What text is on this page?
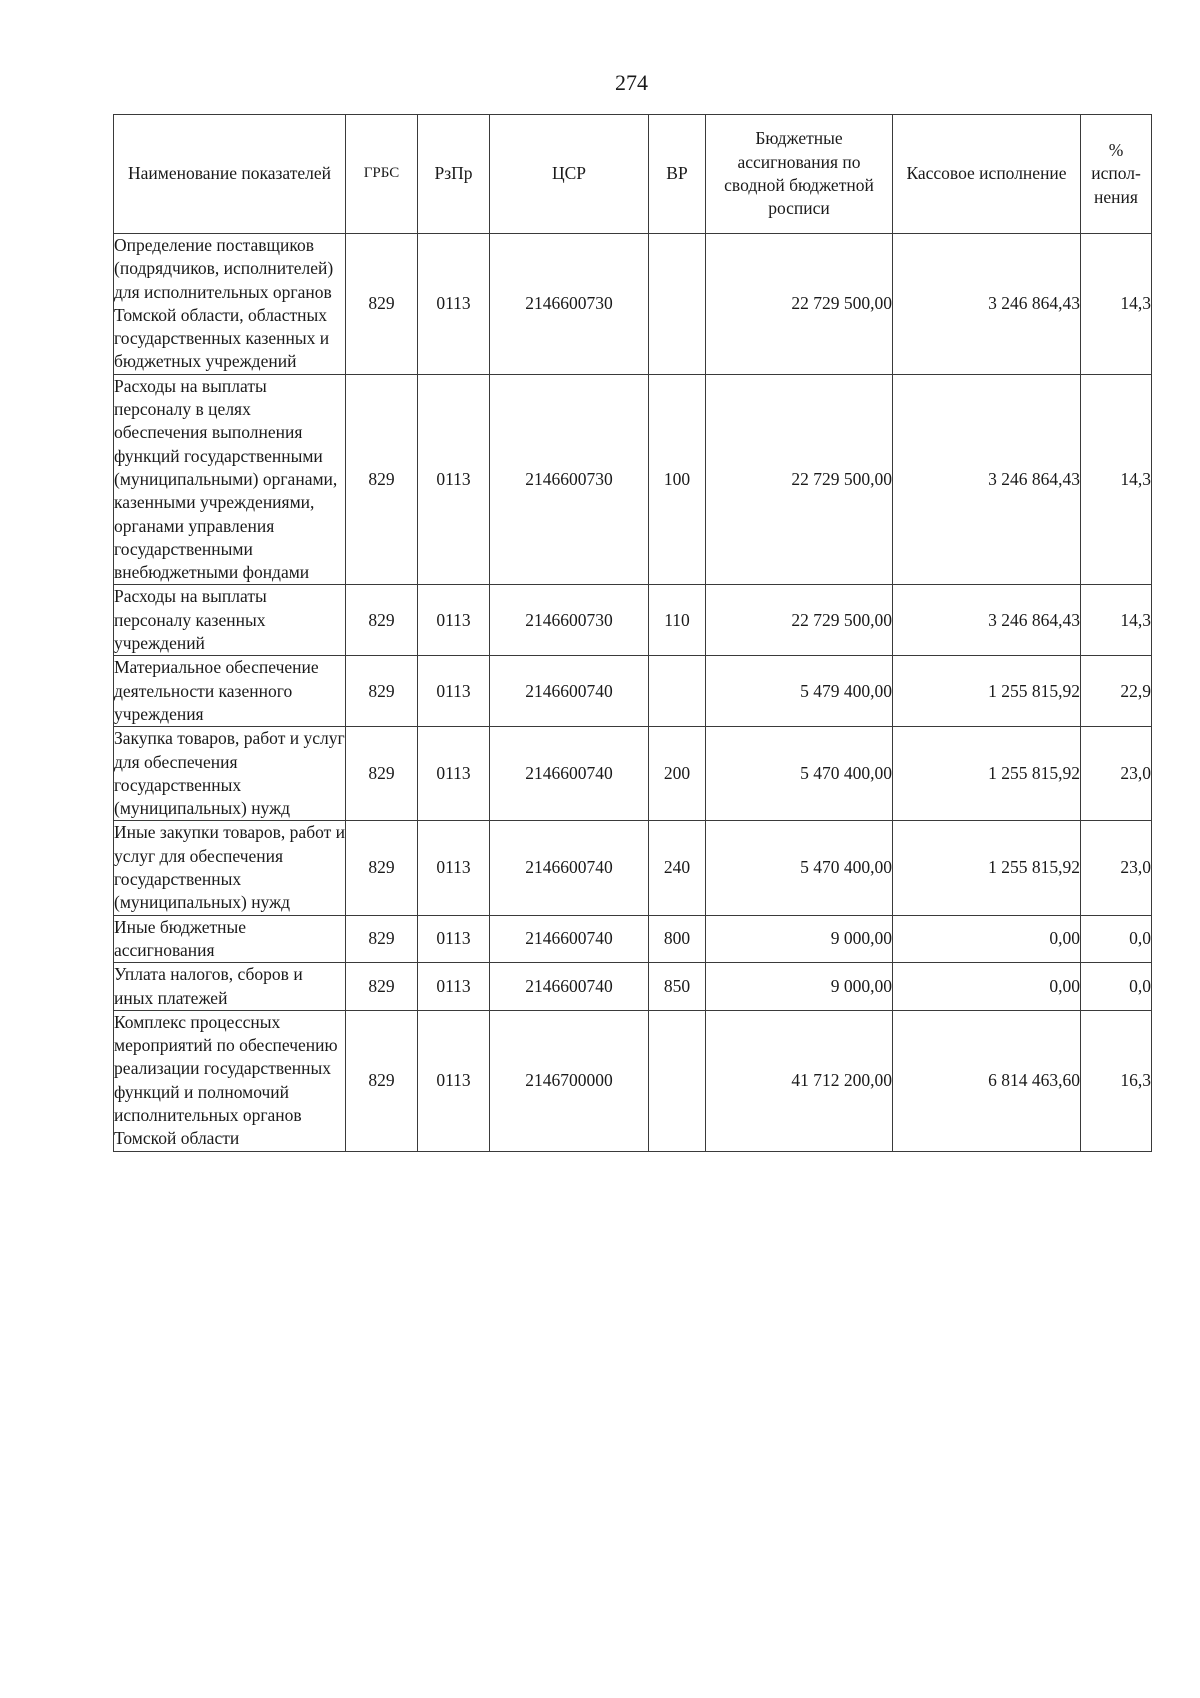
274
Наименование показателей	ГРБС	РзПр	ЦСР	ВР	Бюджетные ассигнования по сводной бюджетной росписи	Кассовое исполнение	% испол-нения
Определение поставщиков (подрядчиков, исполнителей) для исполнительных органов Томской области, областных государственных казенных и бюджетных учреждений	829	0113	2146600730		22 729 500,00	3 246 864,43	14,3
Расходы на выплаты персоналу в целях обеспечения выполнения функций государственными (муниципальными) органами, казенными учреждениями, органами управления государственными внебюджетными фондами	829	0113	2146600730	100	22 729 500,00	3 246 864,43	14,3
Расходы на выплаты персоналу казенных учреждений	829	0113	2146600730	110	22 729 500,00	3 246 864,43	14,3
Материальное обеспечение деятельности казенного учреждения	829	0113	2146600740		5 479 400,00	1 255 815,92	22,9
Закупка товаров, работ и услуг для обеспечения государственных (муниципальных) нужд	829	0113	2146600740	200	5 470 400,00	1 255 815,92	23,0
Иные закупки товаров, работ и услуг для обеспечения государственных (муниципальных) нужд	829	0113	2146600740	240	5 470 400,00	1 255 815,92	23,0
Иные бюджетные ассигнования	829	0113	2146600740	800	9 000,00	0,00	0,0
Уплата налогов, сборов и иных платежей	829	0113	2146600740	850	9 000,00	0,00	0,0
Комплекс процессных мероприятий по обеспечению реализации государственных функций и полномочий исполнительных органов Томской области	829	0113	2146700000		41 712 200,00	6 814 463,60	16,3
